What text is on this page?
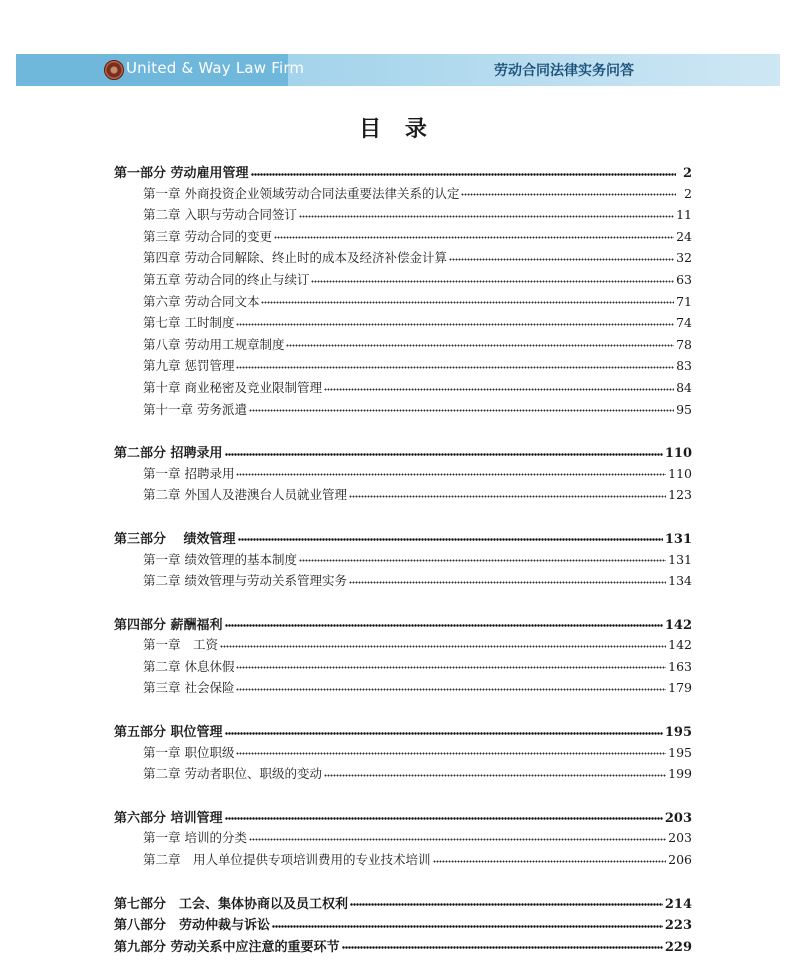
United & Way Law Firm	劳动合同法律实务问答
目 录
第一部分 劳动雇用管理	2
第一章 外商投资企业领域劳动合同法重要法律关系的认定	2
第二章 入职与劳动合同签订	11
第三章 劳动合同的变更	24
第四章 劳动合同解除、终止时的成本及经济补偿金计算	32
第五章 劳动合同的终止与续订	63
第六章 劳动合同文本	71
第七章 工时制度	74
第八章 劳动用工规章制度	78
第九章 惩罚管理	83
第十章 商业秘密及竞业限制管理	84
第十一章 劳务派遣	95
第二部分 招聘录用	110
第一章 招聘录用	110
第二章 外国人及港澳台人员就业管理	123
第三部分　 绩效管理	131
第一章 绩效管理的基本制度	131
第二章 绩效管理与劳动关系管理实务	134
第四部分 薪酬福利	142
第一章　工资	142
第二章 休息休假	163
第三章 社会保险	179
第五部分 职位管理	195
第一章 职位职级	195
第二章 劳动者职位、职级的变动	199
第六部分 培训管理	203
第一章 培训的分类	203
第二章　用人单位提供专项培训费用的专业技术培训	206
第七部分　工会、集体协商以及员工权利	214
第八部分　劳动仲裁与诉讼	223
第九部分 劳动关系中应注意的重要环节	229
